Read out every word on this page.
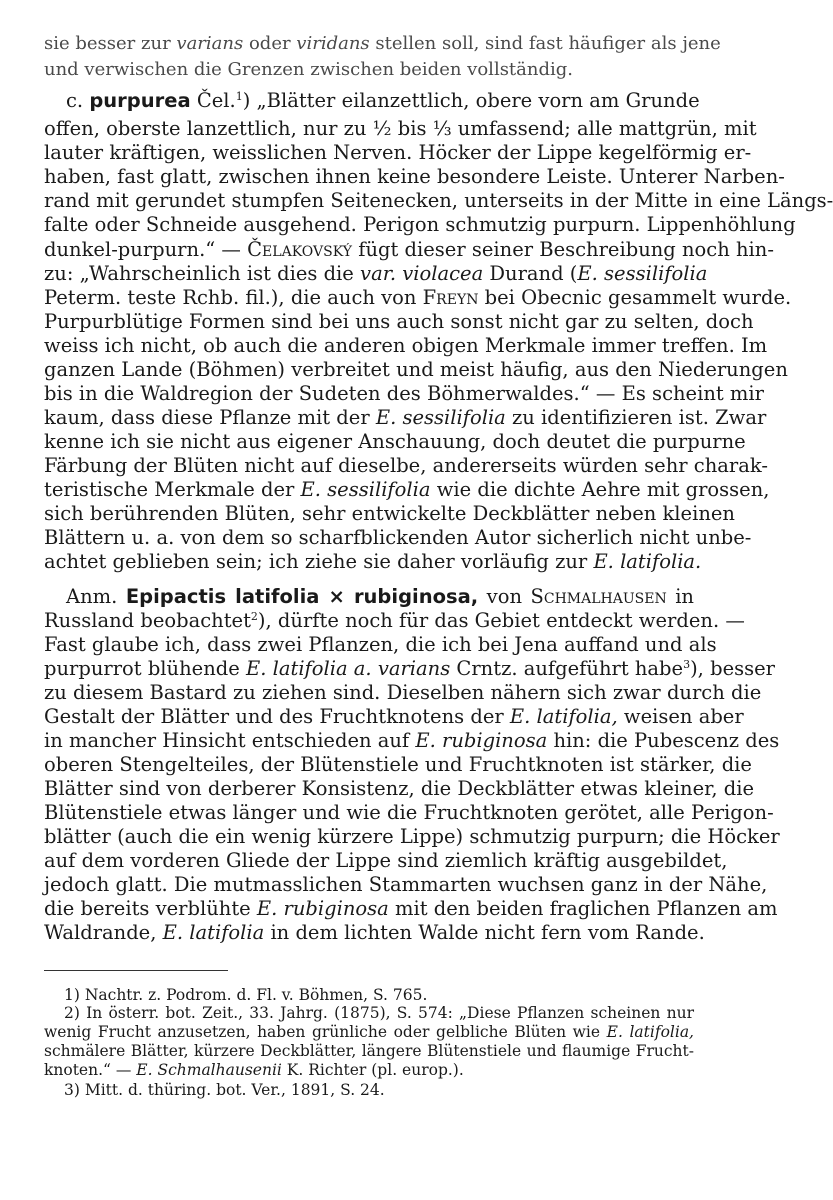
sie besser zur varians oder viridans stellen soll, sind fast häufiger als jene
und verwischen die Grenzen zwischen beiden vollständig.
c. purpurea Čel.$^1$) „Blätter eilanzettlich, obere vorn am Grunde
offen, oberste lanzettlich, nur zu ½ bis ⅓ umfassend; alle mattgrün, mit
lauter kräftigen, weisslichen Nerven. Höcker der Lippe kegelförmig er-
haben, fast glatt, zwischen ihnen keine besondere Leiste. Unterer Narben-
rand mit gerundet stumpfen Seitenecken, unterseits in der Mitte in eine Längs-
falte oder Schneide ausgehend. Perigon schmutzig purpurn. Lippenhöhlung
dunkel-purpurn.“ — Čelakovský fügt dieser seiner Beschreibung noch hin-
zu: „Wahrscheinlich ist dies die var. violacea Durand (E. sessilifolia
Peterm. teste Rchb. fil.), die auch von Freyn bei Obecnic gesammelt wurde.
Purpurblütige Formen sind bei uns auch sonst nicht gar zu selten, doch
weiss ich nicht, ob auch die anderen obigen Merkmale immer treffen. Im
ganzen Lande (Böhmen) verbreitet und meist häufig, aus den Niederungen
bis in die Waldregion der Sudeten des Böhmerwaldes.“ — Es scheint mir
kaum, dass diese Pflanze mit der E. sessilifolia zu identifizieren ist. Zwar
kenne ich sie nicht aus eigener Anschauung, doch deutet die purpurne
Färbung der Blüten nicht auf dieselbe, andererseits würden sehr charak-
teristische Merkmale der E. sessilifolia wie die dichte Aehre mit grossen,
sich berührenden Blüten, sehr entwickelte Deckblätter neben kleinen
Blättern u. a. von dem so scharfblickenden Autor sicherlich nicht unbe-
achtet geblieben sein; ich ziehe sie daher vorläufig zur E. latifolia.
Anm. Epipactis latifolia × rubiginosa, von Schmalhausen in
Russland beobachtet$^2$), dürfte noch für das Gebiet entdeckt werden. —
Fast glaube ich, dass zwei Pflanzen, die ich bei Jena auffand und als
purpurrot blühende E. latifolia a. varians Crntz. aufgeführt habe$^3$), besser
zu diesem Bastard zu ziehen sind. Dieselben nähern sich zwar durch die
Gestalt der Blätter und des Fruchtknotens der E. latifolia, weisen aber
in mancher Hinsicht entschieden auf E. rubiginosa hin: die Pubescenz des
oberen Stengelteiles, der Blütenstiele und Fruchtknoten ist stärker, die
Blätter sind von derberer Konsistenz, die Deckblätter etwas kleiner, die
Blütenstiele etwas länger und wie die Fruchtknoten gerötet, alle Perigon-
blätter (auch die ein wenig kürzere Lippe) schmutzig purpurn; die Höcker
auf dem vorderen Gliede der Lippe sind ziemlich kräftig ausgebildet,
jedoch glatt. Die mutmasslichen Stammarten wuchsen ganz in der Nähe,
die bereits verblühte E. rubiginosa mit den beiden fraglichen Pflanzen am
Waldrande, E. latifolia in dem lichten Walde nicht fern vom Rande.
1) Nachtr. z. Podrom. d. Fl. v. Böhmen, S. 765.
2) In österr. bot. Zeit., 33. Jahrg. (1875), S. 574: „Diese Pflanzen scheinen nur
wenig Frucht anzusetzen, haben grünliche oder gelbliche Blüten wie E. latifolia,
schmälere Blätter, kürzere Deckblätter, längere Blütenstiele und flaumige Frucht-
knoten.“ — E. Schmalhausenii K. Richter (pl. europ.).
3) Mitt. d. thüring. bot. Ver., 1891, S. 24.
